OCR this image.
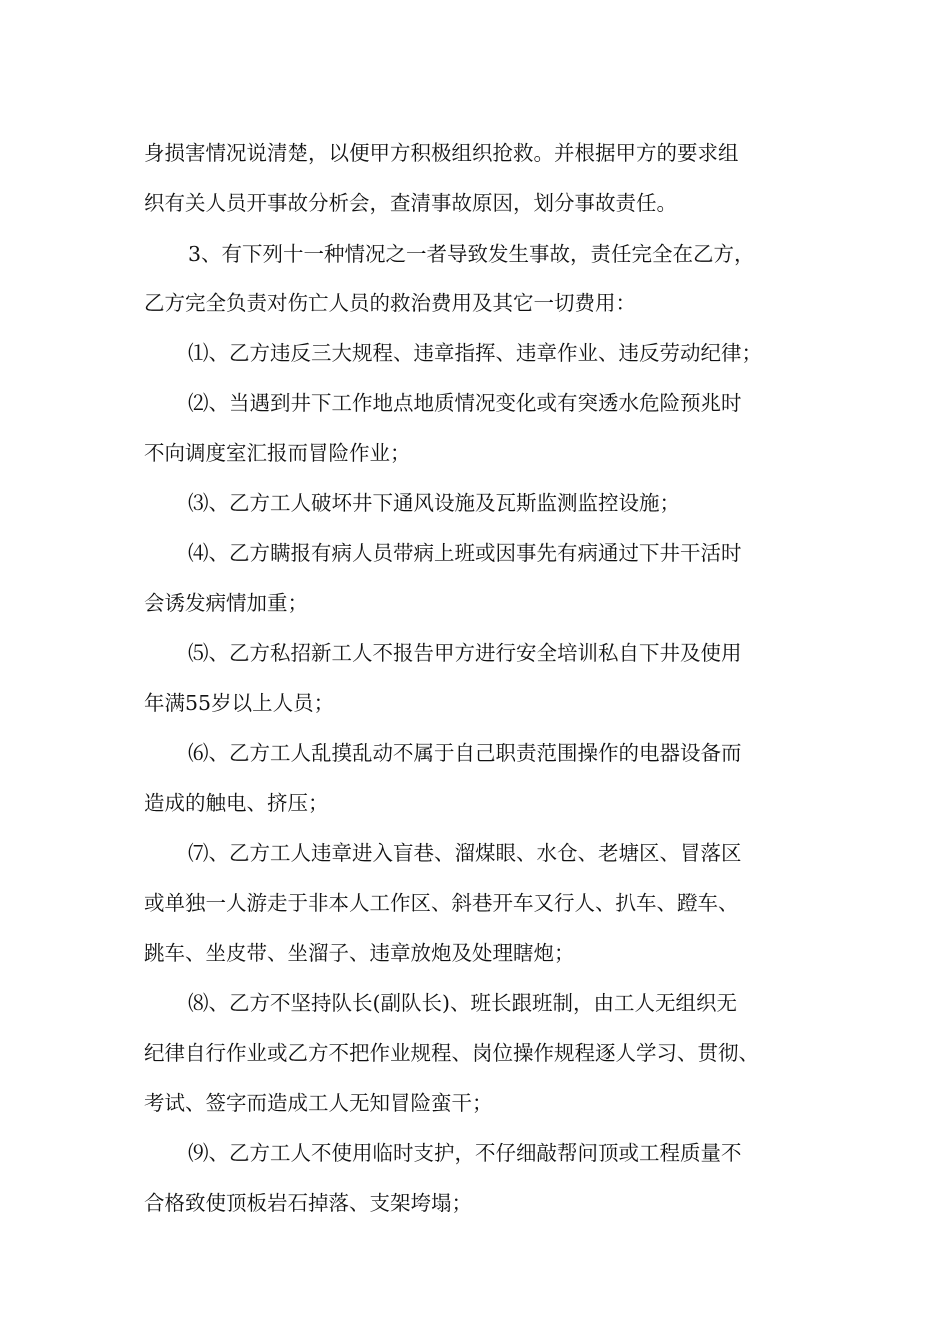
身损害情况说清楚，以便甲方积极组织抢救。并根据甲方的要求组
织有关人员开事故分析会，查清事故原因，划分事故责任。
3、有下列十一种情况之一者导致发生事故，责任完全在乙方，
乙方完全负责对伤亡人员的救治费用及其它一切费用：
⑴、乙方违反三大规程、违章指挥、违章作业、违反劳动纪律；
⑵、当遇到井下工作地点地质情况变化或有突透水危险预兆时
不向调度室汇报而冒险作业；
⑶、乙方工人破坏井下通风设施及瓦斯监测监控设施；
⑷、乙方瞒报有病人员带病上班或因事先有病通过下井干活时
会诱发病情加重；
⑸、乙方私招新工人不报告甲方进行安全培训私自下井及使用
年满55岁以上人员；
⑹、乙方工人乱摸乱动不属于自己职责范围操作的电器设备而
造成的触电、挤压；
⑺、乙方工人违章进入盲巷、溜煤眼、水仓、老塘区、冒落区
或单独一人游走于非本人工作区、斜巷开车又行人、扒车、蹬车、
跳车、坐皮带、坐溜子、违章放炮及处理瞎炮；
⑻、乙方不坚持队长(副队长)、班长跟班制，由工人无组织无
纪律自行作业或乙方不把作业规程、岗位操作规程逐人学习、贯彻、
考试、签字而造成工人无知冒险蛮干；
⑼、乙方工人不使用临时支护，不仔细敲帮问顶或工程质量不
合格致使顶板岩石掉落、支架垮塌；
